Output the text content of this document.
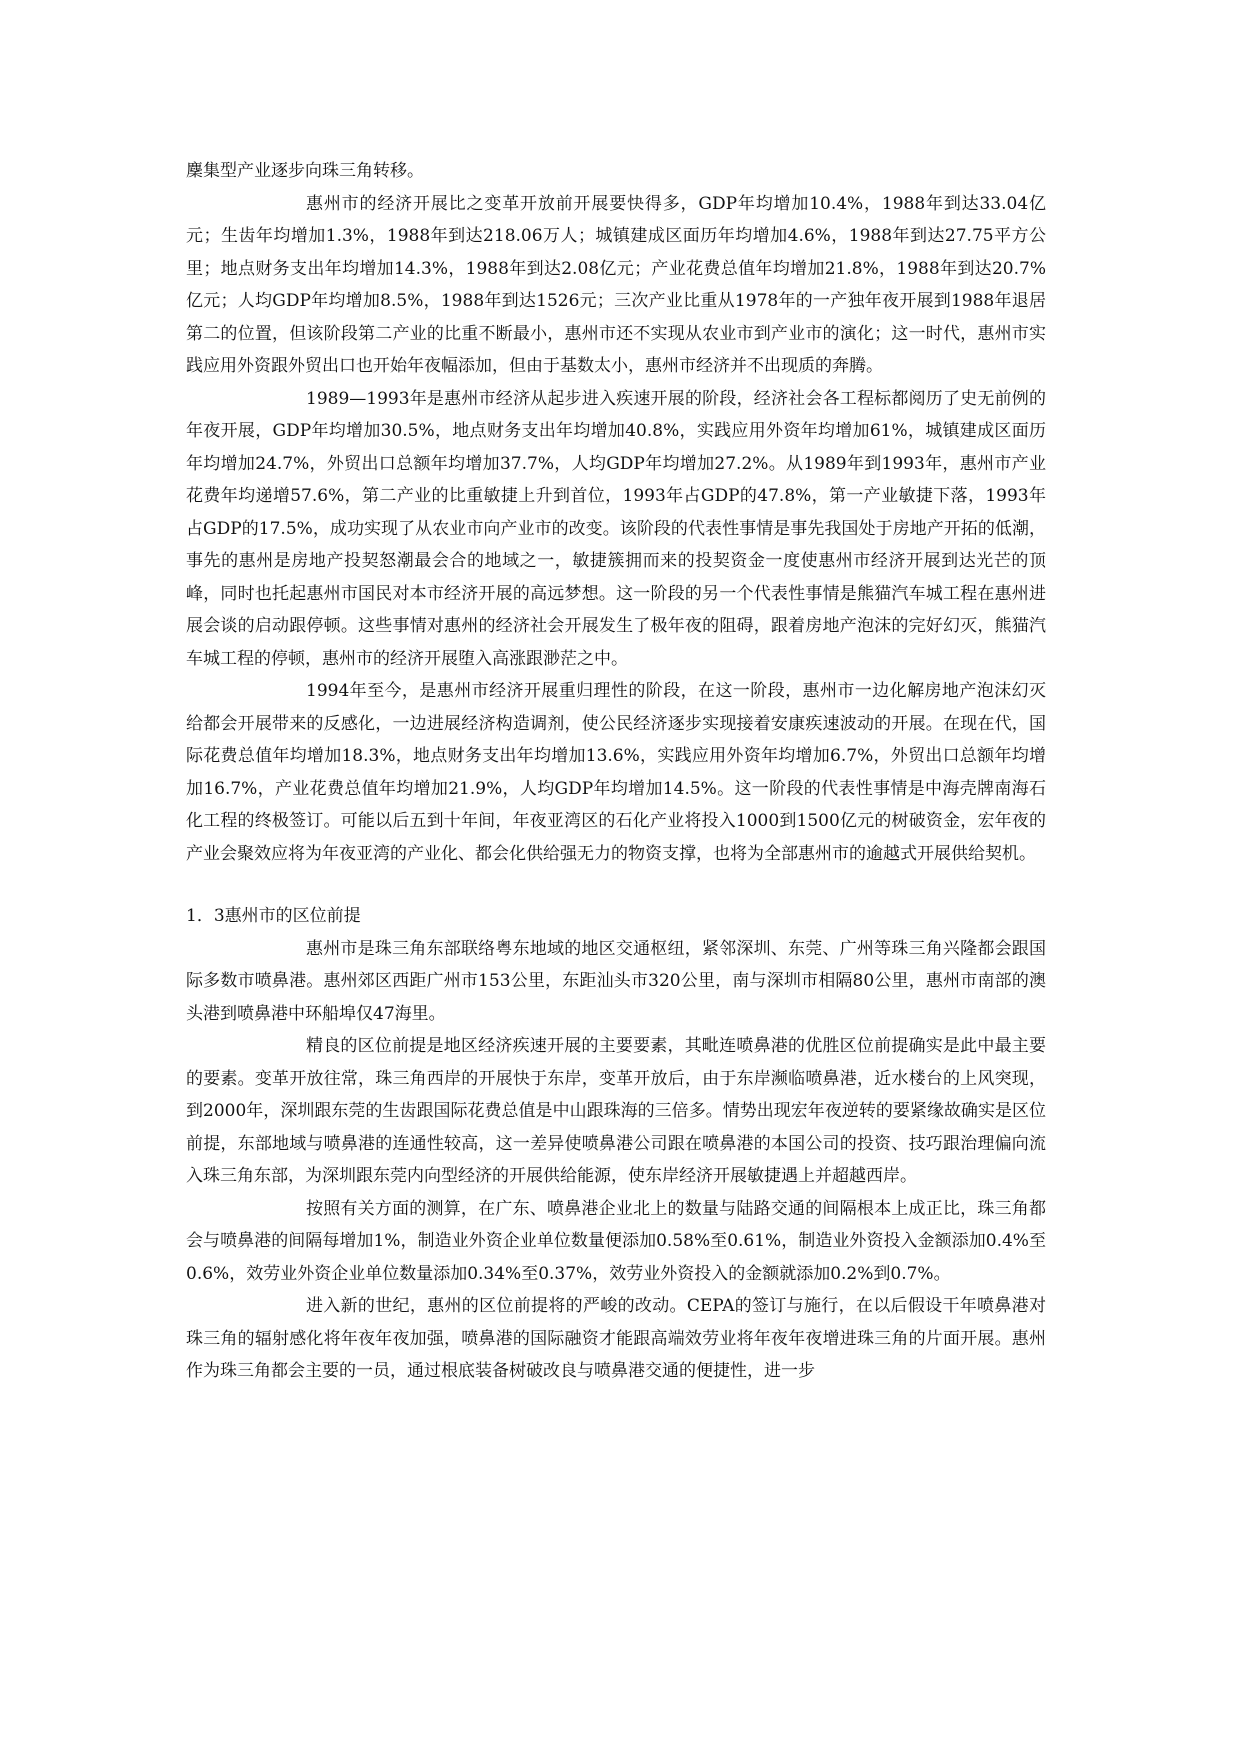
麇集型产业逐步向珠三角转移。

惠州市的经济开展比之变革开放前开展要快得多，GDP年均增加10.4%，1988年到达33.04亿元；生齿年均增加1.3%，1988年到达218.06万人；城镇建成区面历年均增加4.6%，1988年到达27.75平方公里；地点财务支出年均增加14.3%，1988年到达2.08亿元；产业花费总值年均增加21.8%，1988年到达20.7%亿元；人均GDP年均增加8.5%，1988年到达1526元；三次产业比重从1978年的一产独年夜开展到1988年退居第二的位置，但该阶段第二产业的比重不断最小，惠州市还不实现从农业市到产业市的演化；这一时代，惠州市实践应用外资跟外贸出口也开始年夜幅添加，但由于基数太小，惠州市经济并不出现质的奔腾。

1989—1993年是惠州市经济从起步进入疾速开展的阶段，经济社会各工程标都阅历了史无前例的年夜开展，GDP年均增加30.5%，地点财务支出年均增加40.8%，实践应用外资年均增加61%，城镇建成区面历年均增加24.7%，外贸出口总额年均增加37.7%，人均GDP年均增加27.2%。从1989年到1993年，惠州市产业花费年均递增57.6%，第二产业的比重敏捷上升到首位，1993年占GDP的47.8%，第一产业敏捷下落，1993年占GDP的17.5%，成功实现了从农业市向产业市的改变。该阶段的代表性事情是事先我国处于房地产开拓的低潮，事先的惠州是房地产投契怒潮最会合的地域之一，敏捷簇拥而来的投契资金一度使惠州市经济开展到达光芒的顶峰，同时也托起惠州市国民对本市经济开展的高远梦想。这一阶段的另一个代表性事情是熊猫汽车城工程在惠州进展会谈的启动跟停顿。这些事情对惠州的经济社会开展发生了极年夜的阻碍，跟着房地产泡沫的完好幻灭，熊猫汽车城工程的停顿，惠州市的经济开展堕入高涨跟渺茫之中。

1994年至今，是惠州市经济开展重归理性的阶段，在这一阶段，惠州市一边化解房地产泡沫幻灭给都会开展带来的反感化，一边进展经济构造调剂，使公民经济逐步实现接着安康疾速波动的开展。在现在代，国际花费总值年均增加18.3%，地点财务支出年均增加13.6%，实践应用外资年均增加6.7%，外贸出口总额年均增加16.7%，产业花费总值年均增加21.9%，人均GDP年均增加14.5%。这一阶段的代表性事情是中海壳牌南海石化工程的终极签订。可能以后五到十年间，年夜亚湾区的石化产业将投入1000到1500亿元的树破资金，宏年夜的产业会聚效应将为年夜亚湾的产业化、都会化供给强无力的物资支撑，也将为全部惠州市的逾越式开展供给契机。

1．3惠州市的区位前提

惠州市是珠三角东部联络粤东地域的地区交通枢纽，紧邻深圳、东莞、广州等珠三角兴隆都会跟国际多数市喷鼻港。惠州郊区西距广州市153公里，东距汕头市320公里，南与深圳市相隔80公里，惠州市南部的澳头港到喷鼻港中环船埠仅47海里。

精良的区位前提是地区经济疾速开展的主要要素，其毗连喷鼻港的优胜区位前提确实是此中最主要的要素。变革开放往常，珠三角西岸的开展快于东岸，变革开放后，由于东岸濒临喷鼻港，近水楼台的上风突现，到2000年，深圳跟东莞的生齿跟国际花费总值是中山跟珠海的三倍多。情势出现宏年夜逆转的要紧缘故确实是区位前提，东部地域与喷鼻港的连通性较高，这一差异使喷鼻港公司跟在喷鼻港的本国公司的投资、技巧跟治理偏向流入珠三角东部，为深圳跟东莞内向型经济的开展供给能源，使东岸经济开展敏捷遇上并超越西岸。

按照有关方面的测算，在广东、喷鼻港企业北上的数量与陆路交通的间隔根本上成正比，珠三角都会与喷鼻港的间隔每增加1%，制造业外资企业单位数量便添加0.58%至0.61%，制造业外资投入金额添加0.4%至0.6%，效劳业外资企业单位数量添加0.34%至0.37%，效劳业外资投入的金额就添加0.2%到0.7%。

进入新的世纪，惠州的区位前提将的严峻的改动。CEPA的签订与施行，在以后假设干年喷鼻港对珠三角的辐射感化将年夜年夜加强，喷鼻港的国际融资才能跟高端效劳业将年夜年夜增进珠三角的片面开展。惠州作为珠三角都会主要的一员，通过根底装备树破改良与喷鼻港交通的便捷性，进一步
